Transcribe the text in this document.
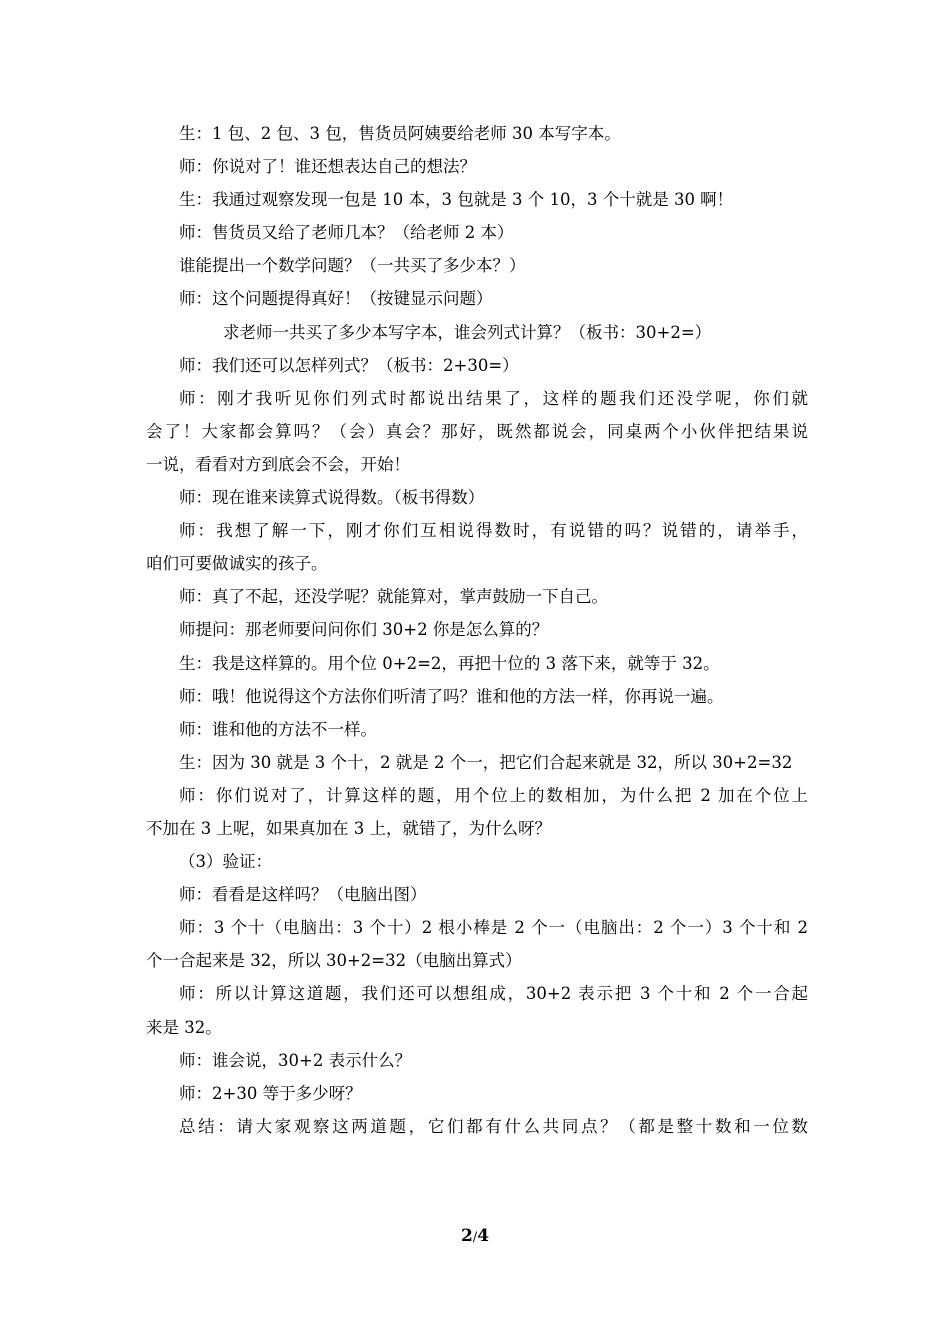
生：1 包、2 包、3 包，售货员阿姨要给老师 30 本写字本。
师：你说对了！谁还想表达自己的想法？
生：我通过观察发现一包是 10 本，3 包就是 3 个 10，3 个十就是 30 啊！
师：售货员又给了老师几本？（给老师 2 本）
谁能提出一个数学问题？（一共买了多少本？）
师：这个问题提得真好！（按键显示问题）
求老师一共买了多少本写字本，谁会列式计算？（板书：30+2=）
师：我们还可以怎样列式？（板书：2+30=）
师：刚才我听见你们列式时都说出结果了，这样的题我们还没学呢，你们就
会了！大家都会算吗？（会）真会？那好，既然都说会，同桌两个小伙伴把结果说
一说，看看对方到底会不会，开始！
师：现在谁来读算式说得数。（板书得数）
师：我想了解一下，刚才你们互相说得数时，有说错的吗？说错的，请举手，
咱们可要做诚实的孩子。
师：真了不起，还没学呢？就能算对，掌声鼓励一下自己。
师提问：那老师要问问你们 30+2 你是怎么算的？
生：我是这样算的。用个位 0+2=2，再把十位的 3 落下来，就等于 32。
师：哦！他说得这个方法你们听清了吗？谁和他的方法一样，你再说一遍。
师：谁和他的方法不一样。
生：因为 30 就是 3 个十，2 就是 2 个一，把它们合起来就是 32，所以 30+2=32
师：你们说对了，计算这样的题，用个位上的数相加，为什么把 2 加在个位上
不加在 3 上呢，如果真加在 3 上，就错了，为什么呀？
（3）验证：
师：看看是这样吗？（电脑出图）
师：3 个十（电脑出：3 个十）2 根小棒是 2 个一（电脑出：2 个一）3 个十和 2
个一合起来是 32，所以 30+2=32（电脑出算式）
师：所以计算这道题，我们还可以想组成，30+2 表示把 3 个十和 2 个一合起
来是 32。
师：谁会说，30+2 表示什么？
师：2+30 等于多少呀？
总结：请大家观察这两道题，它们都有什么共同点？（都是整十数和一位数
2/4
